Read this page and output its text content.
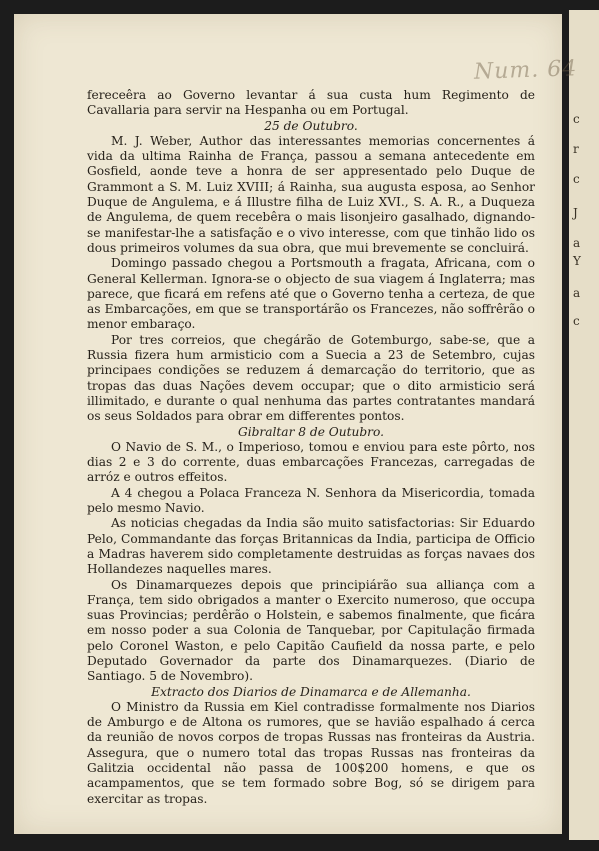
c
r
c
J
a
Y
a
c
Num. 64

fereceêra ao Governo levantar á sua custa hum Regimento de Cavallaria para servir na Hespanha ou em Portugal.

25 de Outubro.

M. J. Weber, Author das interessantes memorias concernentes á vida da ultima Rainha de França, passou a semana antecedente em Gosfield, aonde teve a honra de ser appresentado pelo Duque de Grammont a S. M. Luiz XVIII; á Rainha, sua augusta esposa, ao Senhor Duque de Angulema, e á Illustre filha de Luiz XVI., S. A. R., a Duqueza de Angulema, de quem recebêra o mais lisonjeiro gasalhado, dignando-se manifestar-lhe a satisfação e o vivo interesse, com que tinhão lido os dous primeiros volumes da sua obra, que mui brevemente se concluirá.

Domingo passado chegou a Portsmouth a fragata, Africana, com o General Kellerman. Ignora-se o objecto de sua viagem á Inglaterra; mas parece, que ficará em refens até que o Governo tenha a certeza, de que as Embarcações, em que se transportárão os Francezes, não soffrêrão o menor embaraço.

Por tres correios, que chegárão de Gotemburgo, sabe-se, que a Russia fizera hum armisticio com a Suecia a 23 de Setembro, cujas principaes condições se reduzem á demarcação do territorio, que as tropas das duas Nações devem occupar; que o dito armisticio será illimitado, e durante o qual nenhuma das partes contratantes mandará os seus Soldados para obrar em differentes pontos.

Gibraltar 8 de Outubro.

O Navio de S. M., o Imperioso, tomou e enviou para este pôrto, nos dias 2 e 3 do corrente, duas embarcações Francezas, carregadas de arróz e outros effeitos.

A 4 chegou a Polaca Franceza N. Senhora da Misericordia, tomada pelo mesmo Navio.

As noticias chegadas da India são muito satisfactorias: Sir Eduardo Pelo, Commandante das forças Britannicas da India, participa de Officio a Madras haverem sido completamente destruidas as forças navaes dos Hollandezes naquelles mares.

Os Dinamarquezes depois que principiárão sua alliança com a França, tem sido obrigados a manter o Exercito numeroso, que occupa suas Provincias; perdêrão o Holstein, e sabemos finalmente, que ficára em nosso poder a sua Colonia de Tanquebar, por Capitulação firmada pelo Coronel Waston, e pelo Capitão Caufield da nossa parte, e pelo Deputado Governador da parte dos Dinamarquezes. (Diario de Santiago. 5 de Novembro).

Extracto dos Diarios de Dinamarca e de Allemanha.

O Ministro da Russia em Kiel contradisse formalmente nos Diarios de Amburgo e de Altona os rumores, que se havião espalhado á cerca da reunião de novos corpos de tropas Russas nas fronteiras da Austria. Assegura, que o numero total das tropas Russas nas fronteiras da Galitzia occidental não passa de 100$200 homens, e que os acampamentos, que se tem formado sobre Bog, só se dirigem para exercitar as tropas.
